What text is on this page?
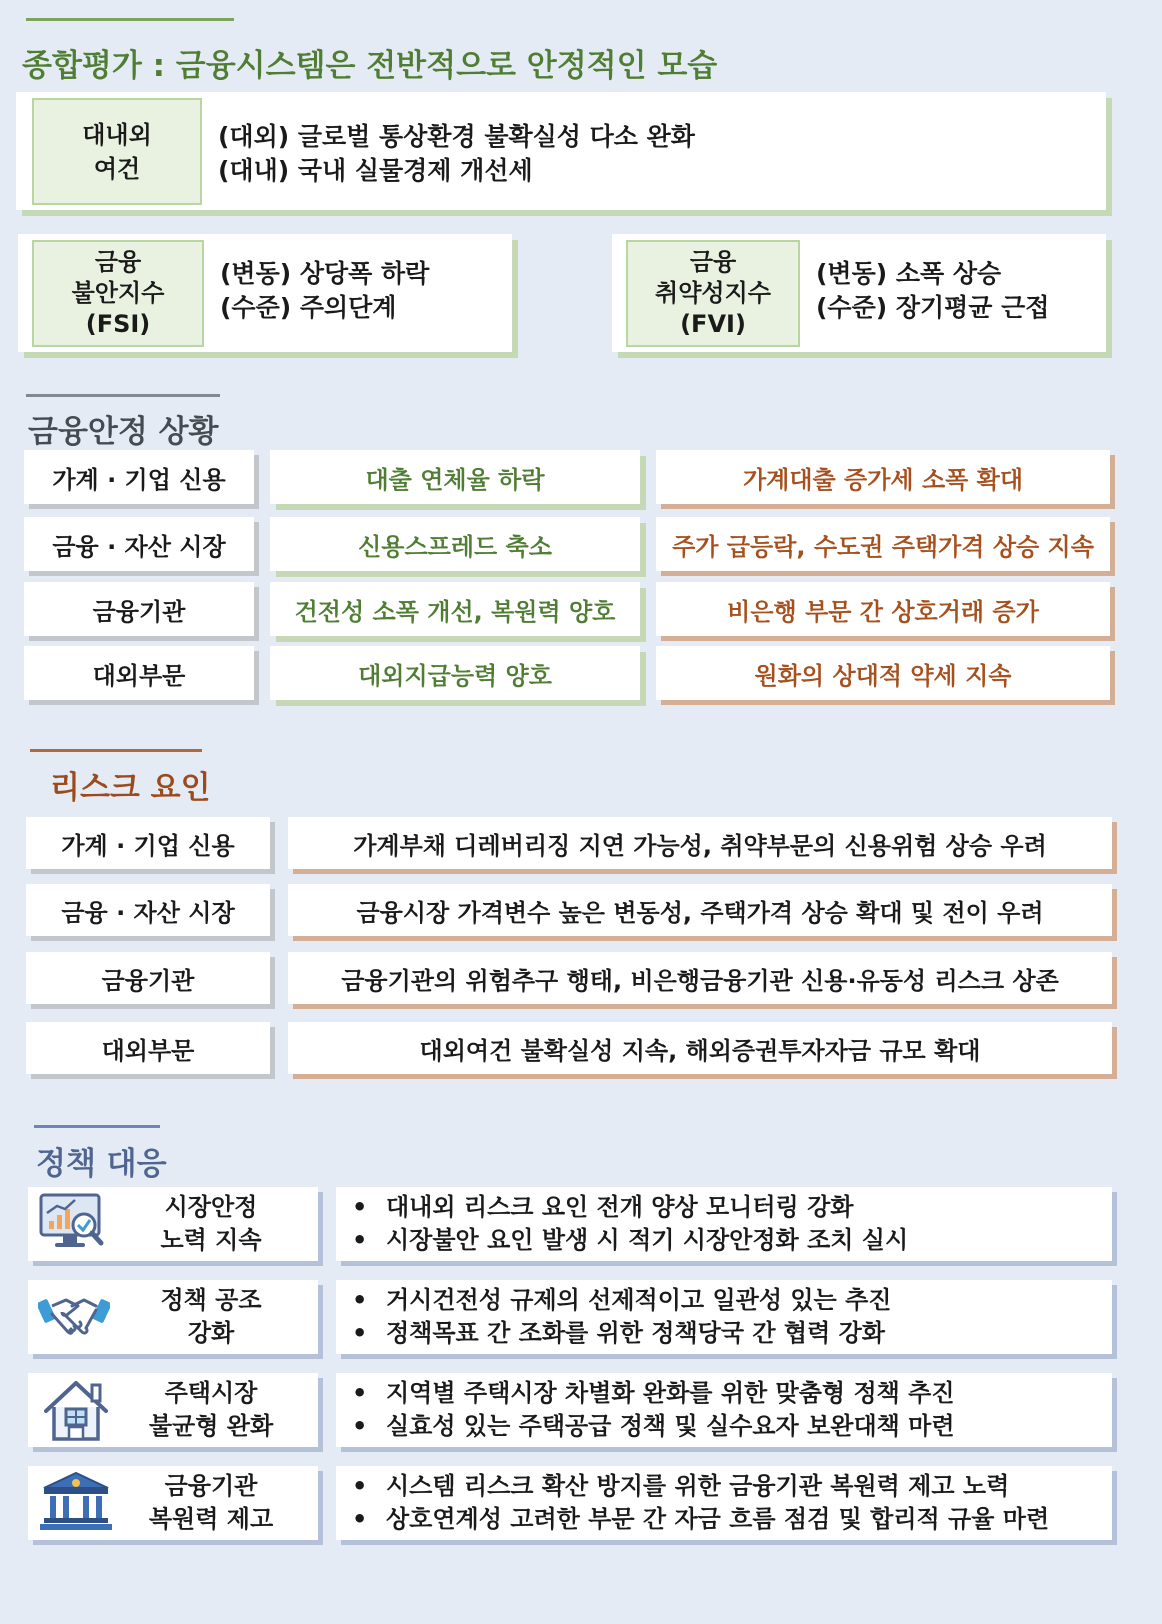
종합평가 : 금융시스템은 전반적으로 안정적인 모습
대내외
여건
(대외) 글로벌 통상환경 불확실성 다소 완화
(대내) 국내 실물경제 개선세
금융
불안지수
(FSI)
(변동) 상당폭 하락
(수준) 주의단계
금융
취약성지수
(FVI)
(변동) 소폭 상승
(수준) 장기평균 근접
금융안정 상황
가계 · 기업 신용	대출 연체율 하락	가계대출 증가세 소폭 확대
금융 · 자산 시장	신용스프레드 축소	주가 급등락, 수도권 주택가격 상승 지속
금융기관	건전성 소폭 개선, 복원력 양호	비은행 부문 간 상호거래 증가
대외부문	대외지급능력 양호	원화의 상대적 약세 지속
리스크 요인
가계 · 기업 신용	가계부채 디레버리징 지연 가능성, 취약부문의 신용위험 상승 우려
금융 · 자산 시장	금융시장 가격변수 높은 변동성, 주택가격 상승 확대 및 전이 우려
금융기관	금융기관의 위험추구 행태, 비은행금융기관 신용·유동성 리스크 상존
대외부문	대외여건 불확실성 지속, 해외증권투자자금 규모 확대
정책 대응
시장안정
노력 지속
• 대내외 리스크 요인 전개 양상 모니터링 강화
• 시장불안 요인 발생 시 적기 시장안정화 조치 실시
정책 공조
강화
• 거시건전성 규제의 선제적이고 일관성 있는 추진
• 정책목표 간 조화를 위한 정책당국 간 협력 강화
주택시장
불균형 완화
• 지역별 주택시장 차별화 완화를 위한 맞춤형 정책 추진
• 실효성 있는 주택공급 정책 및 실수요자 보완대책 마련
금융기관
복원력 제고
• 시스템 리스크 확산 방지를 위한 금융기관 복원력 제고 노력
• 상호연계성 고려한 부문 간 자금 흐름 점검 및 합리적 규율 마련
